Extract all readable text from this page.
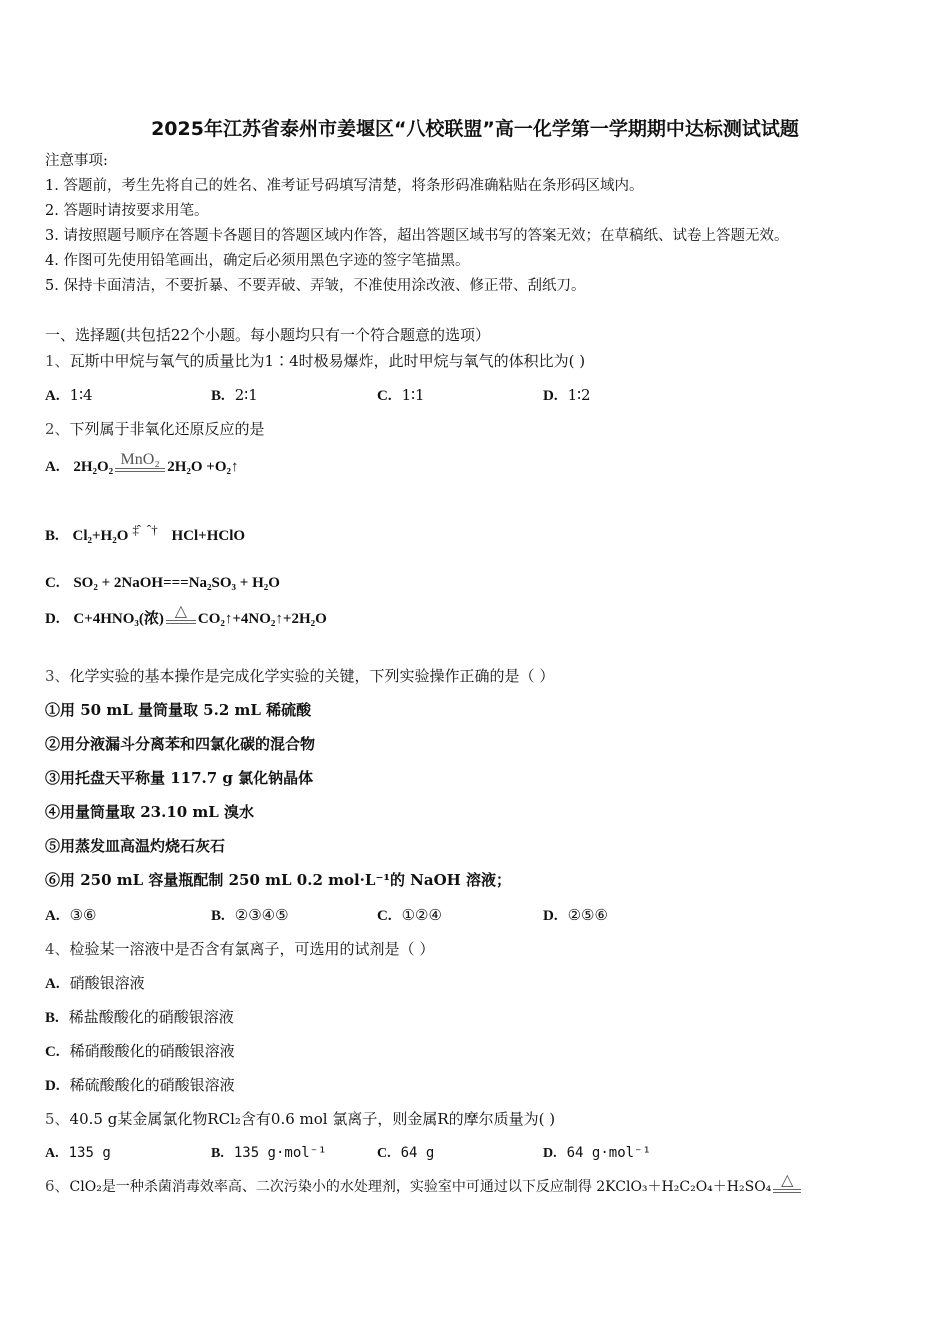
2025年江苏省泰州市姜堰区“八校联盟”高一化学第一学期期中达标测试试题
注意事项:
1. 答题前，考生先将自己的姓名、准考证号码填写清楚，将条形码准确粘贴在条形码区域内。
2. 答题时请按要求用笔。
3. 请按照题号顺序在答题卡各题目的答题区域内作答，超出答题区域书写的答案无效；在草稿纸、试卷上答题无效。
4. 作图可先使用铅笔画出，确定后必须用黑色字迹的签字笔描黑。
5. 保持卡面清洁，不要折暴、不要弄破、弄皱，不准使用涂改液、修正带、刮纸刀。
一、选择题(共包括22个小题。每小题均只有一个符合题意的选项）
1、瓦斯中甲烷与氧气的质量比为1∶4时极易爆炸，此时甲烷与氧气的体积比为( )
A. 1∶4	B. 2∶1	C. 1∶1	D. 1∶2
2、下列属于非氧化还原反应的是
A. 2H₂O₂ MnO₂ 2H₂O +O₂↑
B. Cl₂+H₂O ‡̂ ˆ† HCl+HClO
C. SO₂ + 2NaOH===Na₂SO₃ + H₂O
D. C+4HNO₃(浓) △ CO₂↑+4NO₂↑+2H₂O
3、化学实验的基本操作是完成化学实验的关键，下列实验操作正确的是（ ）
①用 50 mL 量筒量取 5.2 mL 稀硫酸
②用分液漏斗分离苯和四氯化碳的混合物
③用托盘天平称量 117.7 g 氯化钠晶体
④用量筒量取 23.10 mL 溴水
⑤用蒸发皿高温灼烧石灰石
⑥用 250 mL 容量瓶配制 250 mL 0.2 mol·L⁻¹的 NaOH 溶液；
A. ③⑥	B. ②③④⑤	C. ①②④	D. ②⑤⑥
4、检验某一溶液中是否含有氯离子，可选用的试剂是（ ）
A. 硝酸银溶液
B. 稀盐酸酸化的硝酸银溶液
C. 稀硝酸酸化的硝酸银溶液
D. 稀硫酸酸化的硝酸银溶液
5、40.5 g某金属氯化物RCl₂含有0.6 mol 氯离子，则金属R的摩尔质量为( )
A. 135 g	B. 135 g·mol⁻¹	C. 64 g	D. 64 g·mol⁻¹
6、ClO₂是一种杀菌消毒效率高、二次污染小的水处理剂，实验室中可通过以下反应制得 2KClO₃＋H₂C₂O₄＋H₂SO₄ △
